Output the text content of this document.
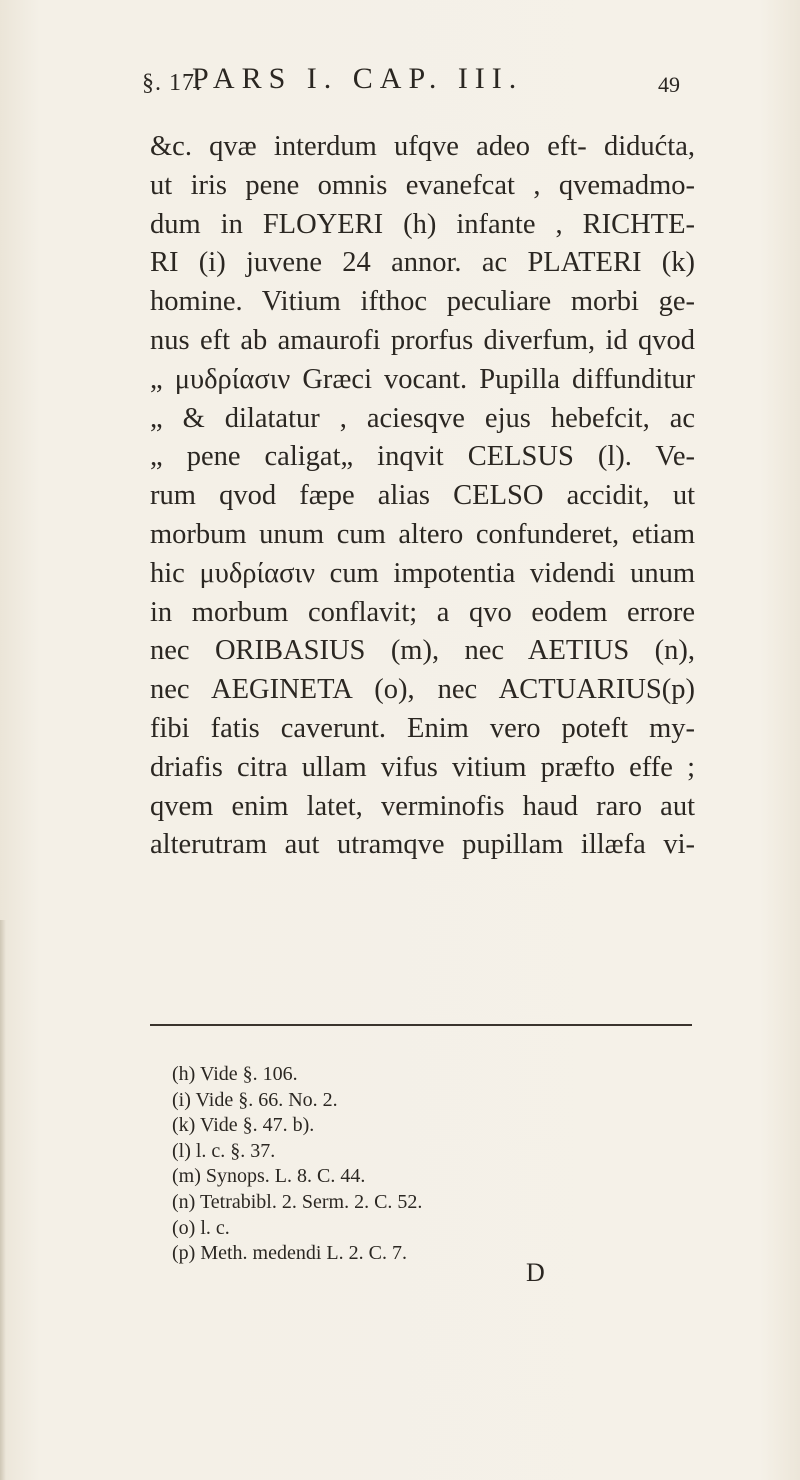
§. 17.
PARS I. CAP. III.	49
&c. qvæ interdum ufqve adeo eft- didućta,
ut iris pene omnis evanefcat , qvemadmo-
dum in FLOYERI (h) infante , RICHTE-
RI (i) juvene 24 annor. ac PLATERI (k)
homine. Vitium ifthoc peculiare morbi ge-
nus eft ab amaurofi prorfus diverfum, id qvod
„ μυδρίασιν Græci vocant. Pupilla diffunditur
„ & dilatatur , aciesqve ejus hebefcit, ac
„ pene caligat„ inqvit CELSUS (l). Ve-
rum qvod fæpe alias CELSO accidit, ut
morbum unum cum altero confunderet, etiam
hic μυδρίασιν cum impotentia videndi unum
in morbum conflavit; a qvo eodem errore
nec ORIBASIUS (m), nec AETIUS (n),
nec AEGINETA (o), nec ACTUARIUS(p)
fibi fatis caverunt. Enim vero poteft my-
driafis citra ullam vifus vitium præfto effe ;
qvem enim latet, verminofis haud raro aut
alterutram aut utramqve pupillam illæfa vi-
(h) Vide §. 106.
(i) Vide §. 66. No. 2.
(k) Vide §. 47. b).
(l) l. c. §. 37.
(m) Synops. L. 8. C. 44.
(n) Tetrabibl. 2. Serm. 2. C. 52.
(o) l. c.
(p) Meth. medendi L. 2. C. 7.
D
